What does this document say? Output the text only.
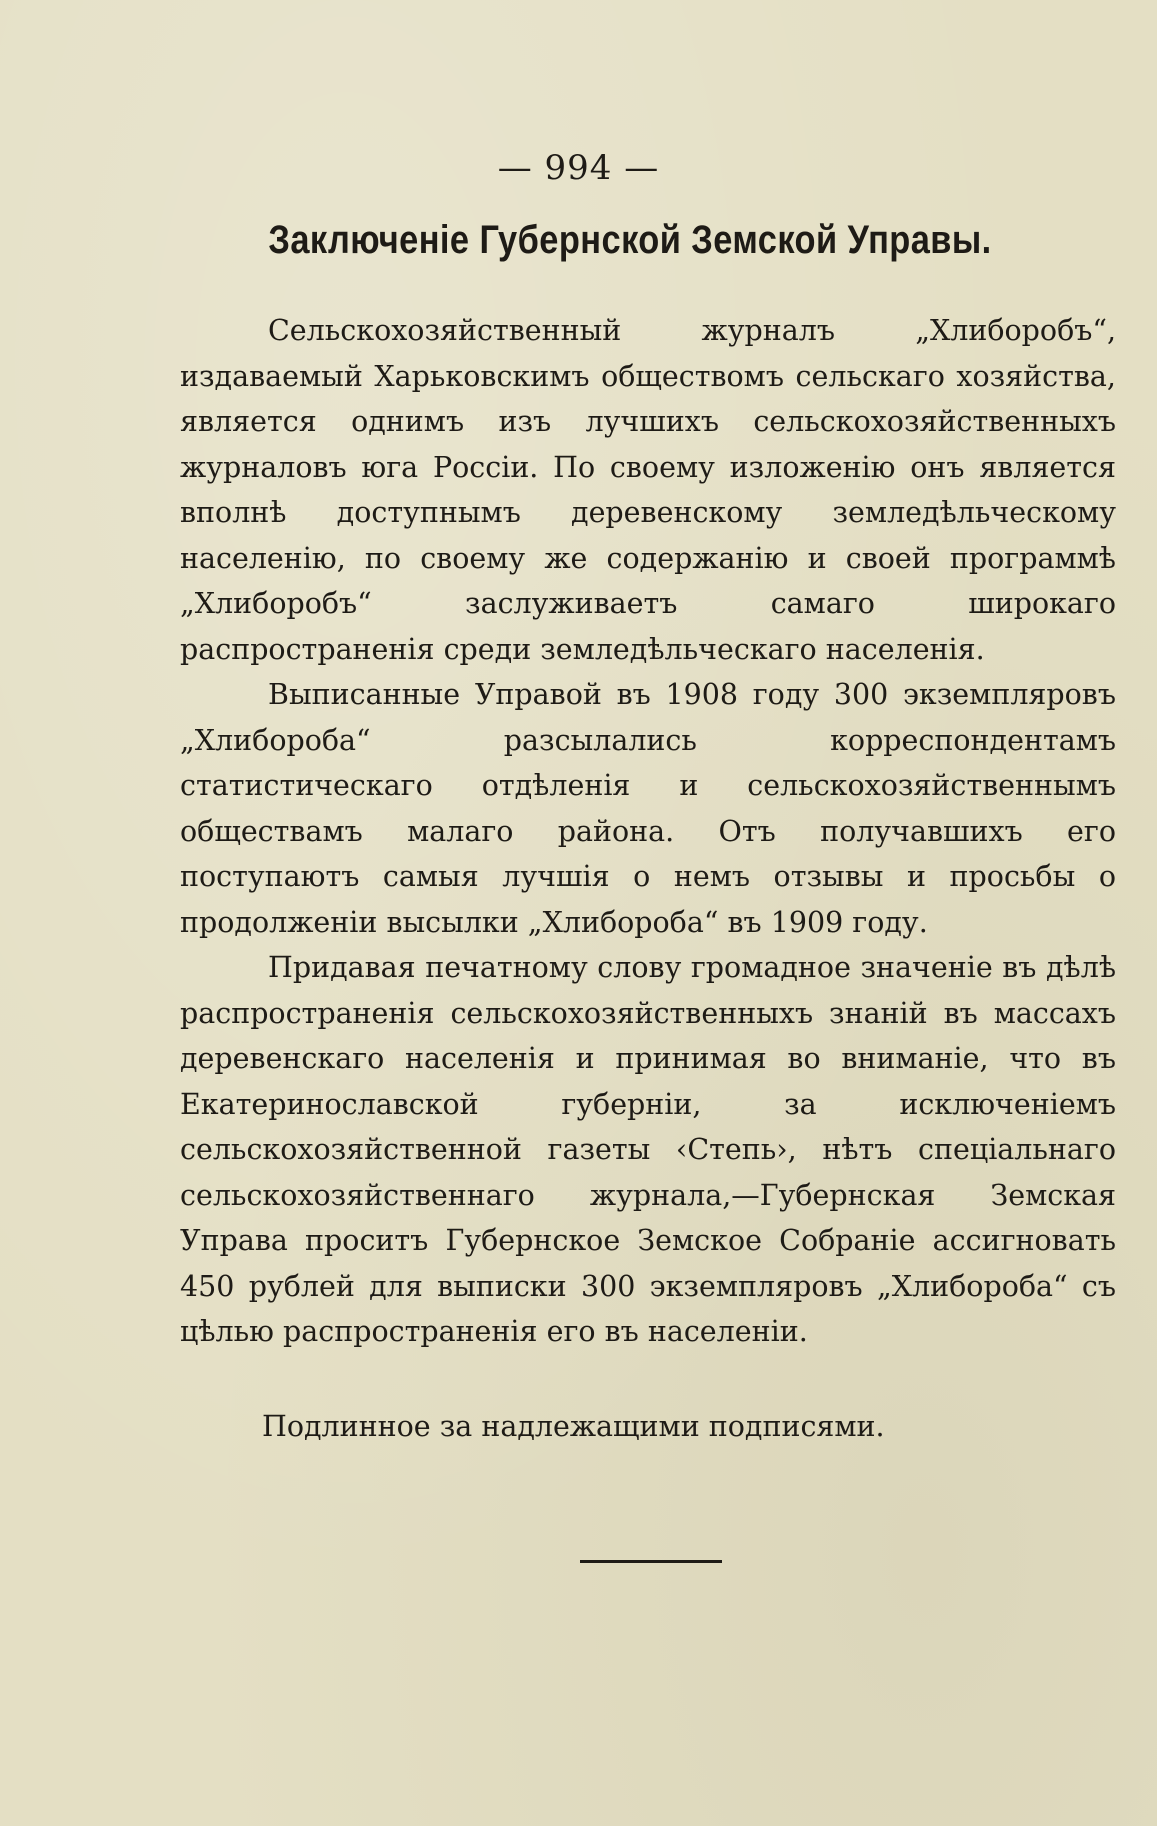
— 994 —
Заключенiе Губернской Земской Управы.

Сельскохозяйственный журналъ „Хлиборобъ“, издаваемый Харьковскимъ обществомъ сельскаго хозяйства, является однимъ изъ лучшихъ сельскохозяйственныхъ журналовъ юга Россiи. По своему изложенiю онъ является вполнѣ доступнымъ деревенскому земледѣльческому населенiю, по своему же содержанiю и своей программѣ „Хлиборобъ“ заслуживаетъ самаго широкаго распространенiя среди земледѣльческаго населенiя.

Выписанные Управой въ 1908 году 300 экземпляровъ „Хлибороба“ разсылались корреспондентамъ статистическаго отдѣленiя и сельскохозяйственнымъ обществамъ малаго района. Отъ получавшихъ его поступаютъ самыя лучшiя о немъ отзывы и просьбы о продолженiи высылки „Хлибороба“ въ 1909 году.

Придавая печатному слову громадное значенiе въ дѣлѣ распространенiя сельскохозяйственныхъ знанiй въ массахъ деревенскаго населенiя и принимая во вниманiе, что въ Екатеринославской губернiи, за исключенiемъ сельскохозяйственной газеты ‹Степь›, нѣтъ спецiальнаго сельскохозяйственнаго журнала,—Губернская Земская Управа проситъ Губернское Земское Собранiе ассигновать 450 рублей для выписки 300 экземпляровъ „Хлибороба“ съ цѣлью распространенiя его въ населенiи.

Подлинное за надлежащими подписями.
